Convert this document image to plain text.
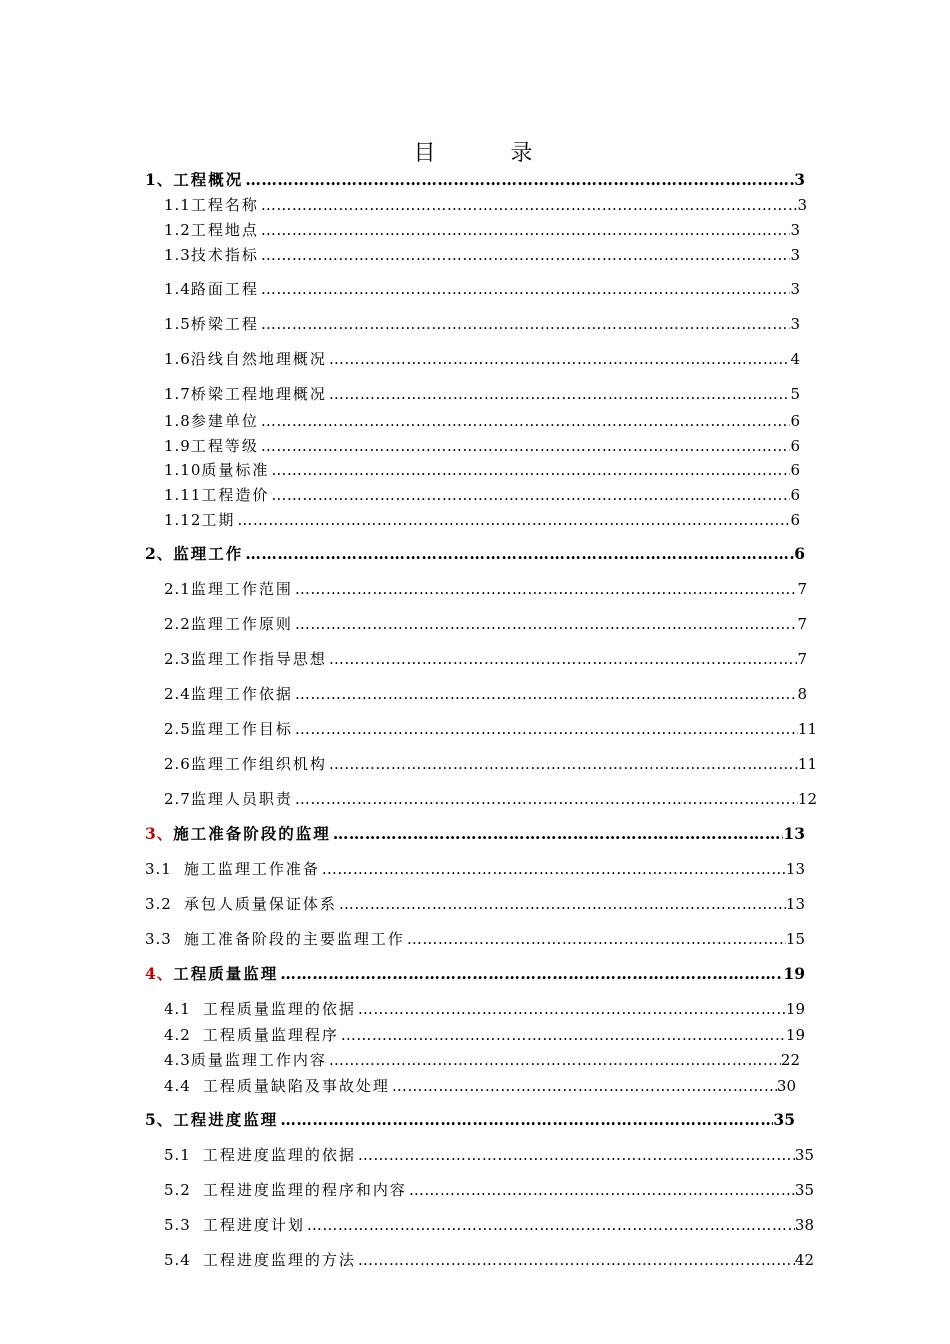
目 录
1、 工程概况 …………………………………………………………………………………………………………………………………………………………………………	3
1.1 工程名称 …………………………………………………………………………………………………………………………………………………………………………	3
1.2 工程地点 …………………………………………………………………………………………………………………………………………………………………………	3
1.3 技术指标 …………………………………………………………………………………………………………………………………………………………………………	3
1.4 路面工程 …………………………………………………………………………………………………………………………………………………………………………	3
1.5 桥梁工程 …………………………………………………………………………………………………………………………………………………………………………	3
1.6 沿线自然地理概况 …………………………………………………………………………………………………………………………………………………………………………	4
1.7 桥梁工程地理概况 …………………………………………………………………………………………………………………………………………………………………………	5
1.8 参建单位 …………………………………………………………………………………………………………………………………………………………………………	6
1.9 工程等级 …………………………………………………………………………………………………………………………………………………………………………	6
1.10 质量标准 …………………………………………………………………………………………………………………………………………………………………………	6
1.11 工程造价 …………………………………………………………………………………………………………………………………………………………………………	6
1.12 工期 …………………………………………………………………………………………………………………………………………………………………………	6
2、 监理工作 …………………………………………………………………………………………………………………………………………………………………………	6
2.1 监理工作范围 …………………………………………………………………………………………………………………………………………………………………………	7
2.2 监理工作原则 …………………………………………………………………………………………………………………………………………………………………………	7
2.3 监理工作指导思想 …………………………………………………………………………………………………………………………………………………………………………	7
2.4 监理工作依据 …………………………………………………………………………………………………………………………………………………………………………	8
2.5 监理工作目标 …………………………………………………………………………………………………………………………………………………………………………	11
2.6 监理工作组织机构 …………………………………………………………………………………………………………………………………………………………………………	11
2.7 监理人员职责 …………………………………………………………………………………………………………………………………………………………………………	12
3、 施工准备阶段的监理 …………………………………………………………………………………………………………………………………………………………………………	13
3.1 施工监理工作准备 …………………………………………………………………………………………………………………………………………………………………………	13
3.2 承包人质量保证体系 …………………………………………………………………………………………………………………………………………………………………………	13
3.3 施工准备阶段的主要监理工作 …………………………………………………………………………………………………………………………………………………………………………	15
4、 工程质量监理 …………………………………………………………………………………………………………………………………………………………………………	19
4.1 工程质量监理的依据 …………………………………………………………………………………………………………………………………………………………………………	19
4.2 工程质量监理程序 …………………………………………………………………………………………………………………………………………………………………………	19
4.3 质量监理工作内容 …………………………………………………………………………………………………………………………………………………………………………	22
4.4 工程质量缺陷及事故处理 …………………………………………………………………………………………………………………………………………………………………………	30
5、 工程进度监理 …………………………………………………………………………………………………………………………………………………………………………	35
5.1 工程进度监理的依据 …………………………………………………………………………………………………………………………………………………………………………	35
5.2 工程进度监理的程序和内容 …………………………………………………………………………………………………………………………………………………………………………	35
5.3 工程进度计划 …………………………………………………………………………………………………………………………………………………………………………	38
5.4 工程进度监理的方法 …………………………………………………………………………………………………………………………………………………………………………	42
